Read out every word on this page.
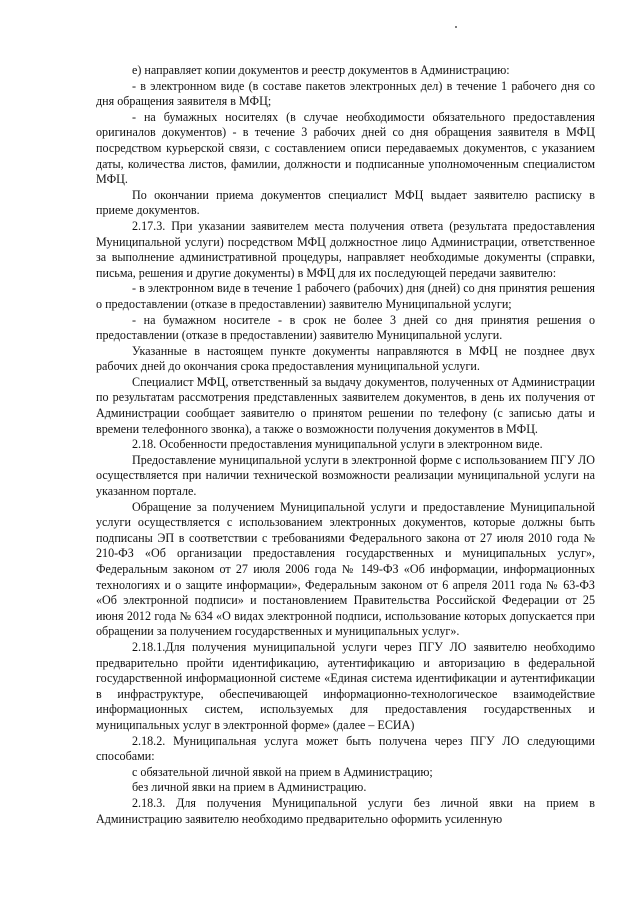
е) направляет копии документов и реестр документов в Администрацию:

- в электронном виде (в составе пакетов электронных дел) в течение 1 рабочего дня со дня обращения заявителя в МФЦ;

- на бумажных носителях (в случае необходимости обязательного предоставления оригиналов документов) - в течение 3 рабочих дней со дня обращения заявителя в МФЦ посредством курьерской связи, с составлением описи передаваемых документов, с указанием даты, количества листов, фамилии, должности и подписанные уполномоченным специалистом МФЦ.

По окончании приема документов специалист МФЦ выдает заявителю расписку в приеме документов.

2.17.3. При указании заявителем места получения ответа (результата предоставления Муниципальной услуги) посредством МФЦ должностное лицо Администрации, ответственное за выполнение административной процедуры, направляет необходимые документы (справки, письма, решения и другие документы) в МФЦ для их последующей передачи заявителю:

- в электронном виде в течение 1 рабочего (рабочих) дня (дней) со дня принятия решения о предоставлении (отказе в предоставлении) заявителю Муниципальной услуги;

- на бумажном носителе - в срок не более 3 дней со дня принятия решения о предоставлении (отказе в предоставлении) заявителю Муниципальной услуги.

Указанные в настоящем пункте документы направляются в МФЦ не позднее двух рабочих дней до окончания срока предоставления муниципальной услуги.

Специалист МФЦ, ответственный за выдачу документов, полученных от Администрации по результатам рассмотрения представленных заявителем документов, в день их получения от Администрации сообщает заявителю о принятом решении по телефону (с записью даты и времени телефонного звонка), а также о возможности получения документов в МФЦ.

2.18. Особенности предоставления муниципальной услуги в электронном виде.

Предоставление муниципальной услуги в электронной форме с использованием ПГУ ЛО осуществляется при наличии технической возможности реализации муниципальной услуги на указанном портале.

Обращение за получением Муниципальной услуги и предоставление Муниципальной услуги осуществляется с использованием электронных документов, которые должны быть подписаны ЭП в соответствии с требованиями Федерального закона от 27 июля 2010 года № 210-ФЗ «Об организации предоставления государственных и муниципальных услуг», Федеральным законом от 27 июля 2006 года № 149-ФЗ «Об информации, информационных технологиях и о защите информации», Федеральным законом от 6 апреля 2011 года № 63-ФЗ «Об электронной подписи» и постановлением Правительства Российской Федерации от 25 июня 2012 года № 634 «О видах электронной подписи, использование которых допускается при обращении за получением государственных и муниципальных услуг».

2.18.1.Для получения муниципальной услуги через ПГУ ЛО заявителю необходимо предварительно пройти идентификацию, аутентификацию и авторизацию в федеральной государственной информационной системе «Единая система идентификации и аутентификации в инфраструктуре, обеспечивающей информационно-технологическое взаимодействие информационных систем, используемых для предоставления государственных и муниципальных услуг в электронной форме» (далее – ЕСИА)

2.18.2. Муниципальная услуга может быть получена через ПГУ ЛО следующими способами:

с обязательной личной явкой на прием в Администрацию;

без личной явки на прием в Администрацию.

2.18.3. Для получения Муниципальной услуги без личной явки на прием в Администрацию заявителю необходимо предварительно оформить усиленную
